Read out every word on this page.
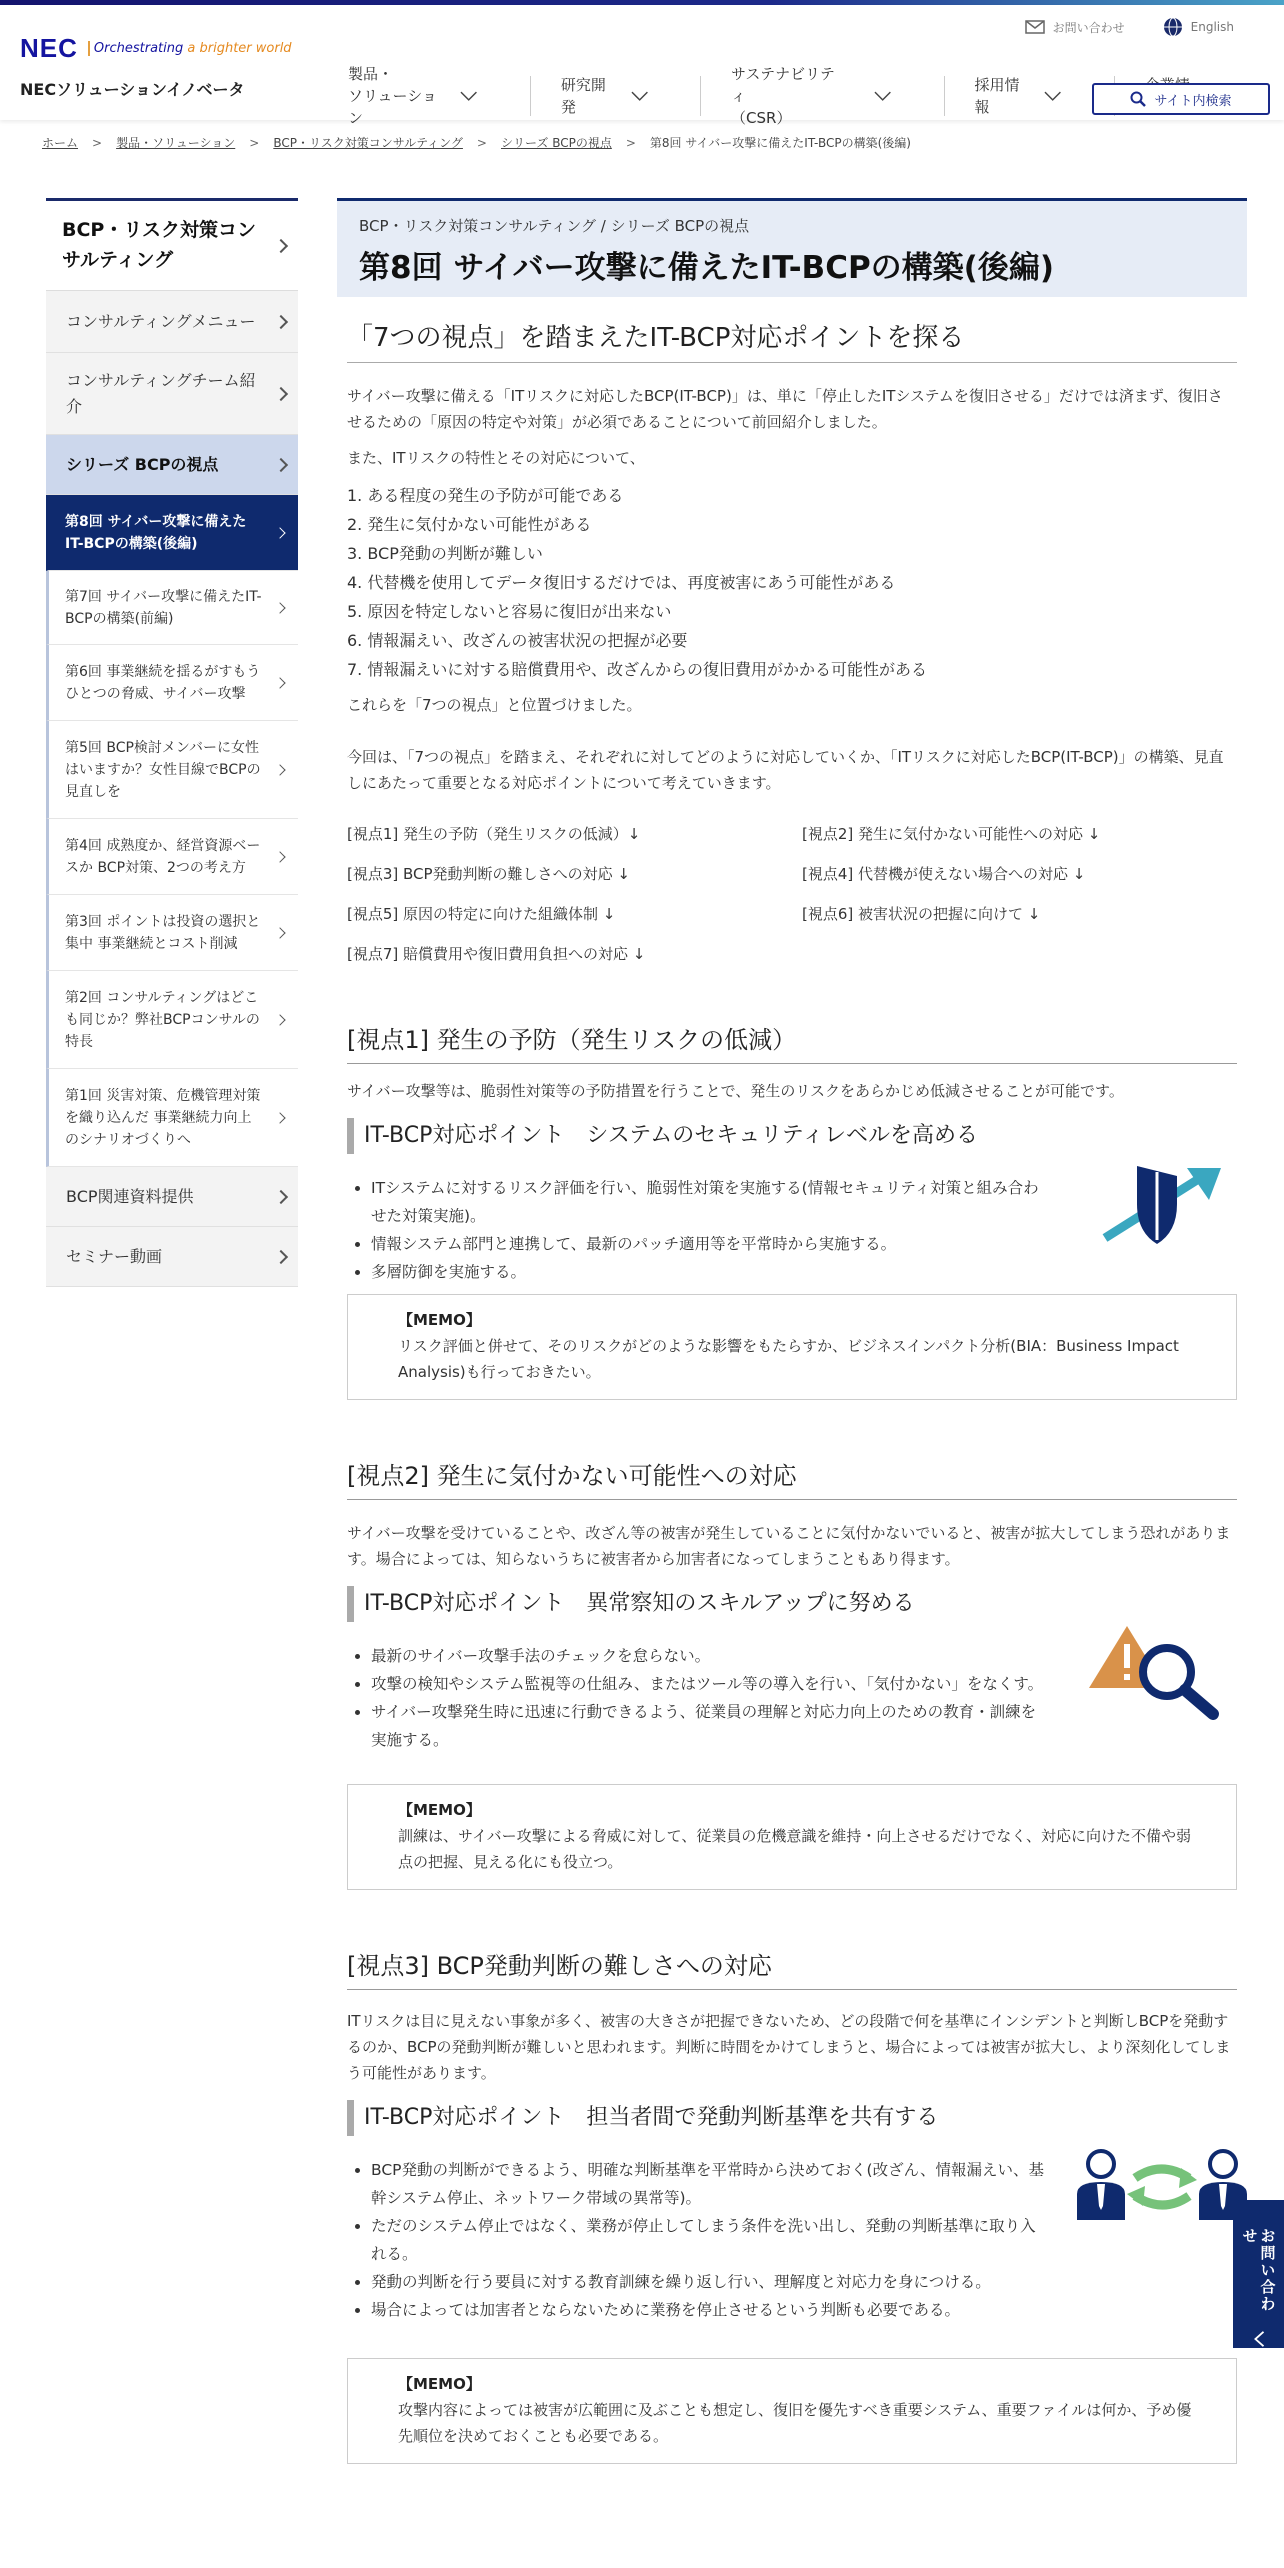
NEC	Orchestrating a brighter world
NECソリューションイノベータ
お問い合わせ	English
製品・
ソリューション
研究開発
サステナビリティ
（CSR）
採用情報	サイト内検索
ホーム > 製品・ソリューション > BCP・リスク対策コンサルティング > シリーズ BCPの視点 > 第8回 サイバー攻撃に備えたIT-BCPの構築(後編)
BCP・リスク対策コンサルティング
コンサルティングメニュー
コンサルティングチーム紹介
シリーズ BCPの視点
第8回 サイバー攻撃に備えたIT-BCPの構築(後編)
第7回 サイバー攻撃に備えたIT-BCPの構築(前編)
第6回 事業継続を揺るがすもうひとつの脅威、サイバー攻撃
第5回 BCP検討メンバーに女性はいますか？女性目線でBCPの見直しを
第4回 成熟度か、経営資源ベースか BCP対策、2つの考え方
第3回 ポイントは投資の選択と集中 事業継続とコスト削減
第2回 コンサルティングはどこも同じか？弊社BCPコンサルの特長
第1回 災害対策、危機管理対策を織り込んだ 事業継続力向上のシナリオづくりへ
BCP関連資料提供
セミナー動画
BCP・リスク対策コンサルティング / シリーズ BCPの視点
第8回 サイバー攻撃に備えたIT-BCPの構築(後編)
「7つの視点」を踏まえたIT-BCP対応ポイントを探る

サイバー攻撃に備える「ITリスクに対応したBCP(IT-BCP)」は、単に「停止したITシステムを復旧させる」だけでは済まず、復旧させるための「原因の特定や対策」が必須であることについて前回紹介しました。

また、ITリスクの特性とその対応について、

1. ある程度の発生の予防が可能である
2. 発生に気付かない可能性がある
3. BCP発動の判断が難しい
4. 代替機を使用してデータ復旧するだけでは、再度被害にあう可能性がある
5. 原因を特定しないと容易に復旧が出来ない
6. 情報漏えい、改ざんの被害状況の把握が必要
7. 情報漏えいに対する賠償費用や、改ざんからの復旧費用がかかる可能性がある

これらを「7つの視点」と位置づけました。

今回は、「7つの視点」を踏まえ、それぞれに対してどのように対応していくか、「ITリスクに対応したBCP(IT-BCP)」の構築、見直しにあたって重要となる対応ポイントについて考えていきます。

[視点1] 発生の予防（発生リスクの低減）↓	[視点2] 発生に気付かない可能性への対応 ↓
[視点3] BCP発動判断の難しさへの対応 ↓	[視点4] 代替機が使えない場合への対応 ↓
[視点5] 原因の特定に向けた組織体制 ↓	[視点6] 被害状況の把握に向けて ↓
[視点7] 賠償費用や復旧費用負担への対応 ↓
[視点1] 発生の予防（発生リスクの低減）

サイバー攻撃等は、脆弱性対策等の予防措置を行うことで、発生のリスクをあらかじめ低減させることが可能です。

IT-BCP対応ポイント　システムのセキュリティレベルを高める
• ITシステムに対するリスク評価を行い、脆弱性対策を実施する(情報セキュリティ対策と組み合わせた対策実施)。
• 情報システム部門と連携して、最新のパッチ適用等を平常時から実施する。
• 多層防御を実施する。
【MEMO】
リスク評価と併せて、そのリスクがどのような影響をもたらすか、ビジネスインパクト分析(BIA：Business Impact Analysis)も行っておきたい。
[視点2] 発生に気付かない可能性への対応

サイバー攻撃を受けていることや、改ざん等の被害が発生していることに気付かないでいると、被害が拡大してしまう恐れがあります。場合によっては、知らないうちに被害者から加害者になってしまうこともあり得ます。

IT-BCP対応ポイント　異常察知のスキルアップに努める
• 最新のサイバー攻撃手法のチェックを怠らない。
• 攻撃の検知やシステム監視等の仕組み、またはツール等の導入を行い、「気付かない」をなくす。
• サイバー攻撃発生時に迅速に行動できるよう、従業員の理解と対応力向上のための教育・訓練を実施する。
【MEMO】
訓練は、サイバー攻撃による脅威に対して、従業員の危機意識を維持・向上させるだけでなく、対応に向けた不備や弱点の把握、見える化にも役立つ。
[視点3] BCP発動判断の難しさへの対応

ITリスクは目に見えない事象が多く、被害の大きさが把握できないため、どの段階で何を基準にインシデントと判断しBCPを発動するのか、BCPの発動判断が難しいと思われます。判断に時間をかけてしまうと、場合によっては被害が拡大し、より深刻化してしまう可能性があります。

IT-BCP対応ポイント　担当者間で発動判断基準を共有する
• BCP発動の判断ができるよう、明確な判断基準を平常時から決めておく(改ざん、情報漏えい、基幹システム停止、ネットワーク帯域の異常等)。
• ただのシステム停止ではなく、業務が停止してしまう条件を洗い出し、発動の判断基準に取り入れる。
• 発動の判断を行う要員に対する教育訓練を繰り返し行い、理解度と対応力を身につける。
• 場合によっては加害者とならないために業務を停止させるという判断も必要である。
【MEMO】
攻撃内容によっては被害が広範囲に及ぶことも想定し、復旧を優先すべき重要システム、重要ファイルは何か、予め優先順位を決めておくことも必要である。
お問い合わせ
